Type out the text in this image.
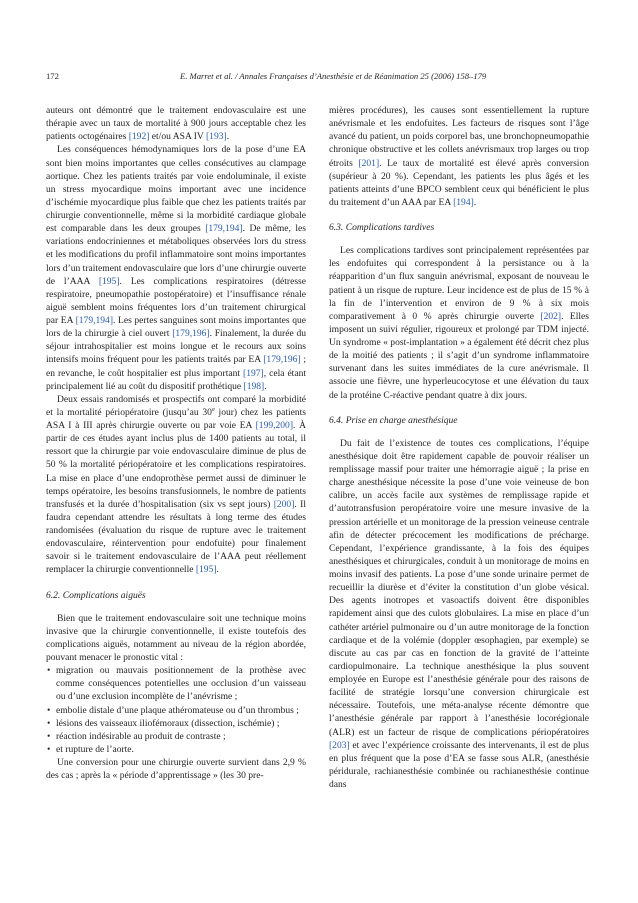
172	E. Marret et al. / Annales Françaises d’Anesthésie et de Réanimation 25 (2006) 158–179

auteurs ont démontré que le traitement endovasculaire est une thérapie avec un taux de mortalité à 900 jours acceptable chez les patients octogénaires [192] et/ou ASA IV [193].

Les conséquences hémodynamiques lors de la pose d’une EA sont bien moins importantes que celles consécutives au clampage aortique. Chez les patients traités par voie endoluminale, il existe un stress myocardique moins important avec une incidence d’ischémie myocardique plus faible que chez les patients traités par chirurgie conventionnelle, même si la morbidité cardiaque globale est comparable dans les deux groupes [179,194]. De même, les variations endocriniennes et métaboliques observées lors du stress et les modifications du profil inflammatoire sont moins importantes lors d’un traitement endovasculaire que lors d’une chirurgie ouverte de l’AAA [195]. Les complications respiratoires (détresse respiratoire, pneumopathie postopératoire) et l’insuffisance rénale aiguë semblent moins fréquentes lors d’un traitement chirurgical par EA [179,194]. Les pertes sanguines sont moins importantes que lors de la chirurgie à ciel ouvert [179,196]. Finalement, la durée du séjour intrahospitalier est moins longue et le recours aux soins intensifs moins fréquent pour les patients traités par EA [179,196] ; en revanche, le coût hospitalier est plus important [197], cela étant principalement lié au coût du dispositif prothétique [198].

Deux essais randomisés et prospectifs ont comparé la morbidité et la mortalité périopératoire (jusqu’au 30e jour) chez les patients ASA I à III après chirurgie ouverte ou par voie EA [199,200]. À partir de ces études ayant inclus plus de 1400 patients au total, il ressort que la chirurgie par voie endovasculaire diminue de plus de 50 % la mortalité périopératoire et les complications respiratoires. La mise en place d’une endoprothèse permet aussi de diminuer le temps opératoire, les besoins transfusionnels, le nombre de patients transfusés et la durée d’hospitalisation (six vs sept jours) [200]. Il faudra cependant attendre les résultats à long terme des études randomisées (évaluation du risque de rupture avec le traitement endovasculaire, réintervention pour endofuite) pour finalement savoir si le traitement endovasculaire de l’AAA peut réellement remplacer la chirurgie conventionnelle [195].

6.2. Complications aiguës

Bien que le traitement endovasculaire soit une technique moins invasive que la chirurgie conventionnelle, il existe toutefois des complications aiguës, notamment au niveau de la région abordée, pouvant menacer le pronostic vital :

• migration ou mauvais positionnement de la prothèse avec comme conséquences potentielles une occlusion d’un vaisseau ou d’une exclusion incomplète de l’anévrisme ;
• embolie distale d’une plaque athéromateuse ou d’un thrombus ;
• lésions des vaisseaux iliofémoraux (dissection, ischémie) ;
• réaction indésirable au produit de contraste ;
• et rupture de l’aorte.

Une conversion pour une chirurgie ouverte survient dans 2,9 % des cas ; après la « période d’apprentissage » (les 30 pre-

mières procédures), les causes sont essentiellement la rupture anévrismale et les endofuites. Les facteurs de risques sont l’âge avancé du patient, un poids corporel bas, une bronchopneumopathie chronique obstructive et les collets anévrismaux trop larges ou trop étroits [201]. Le taux de mortalité est élevé après conversion (supérieur à 20 %). Cependant, les patients les plus âgés et les patients atteints d’une BPCO semblent ceux qui bénéficient le plus du traitement d’un AAA par EA [194].

6.3. Complications tardives

Les complications tardives sont principalement représentées par les endofuites qui correspondent à la persistance ou à la réapparition d’un flux sanguin anévrismal, exposant de nouveau le patient à un risque de rupture. Leur incidence est de plus de 15 % à la fin de l’intervention et environ de 9 % à six mois comparativement à 0 % après chirurgie ouverte [202]. Elles imposent un suivi régulier, rigoureux et prolongé par TDM injecté. Un syndrome « post-implantation » a également été décrit chez plus de la moitié des patients ; il s’agit d’un syndrome inflammatoire survenant dans les suites immédiates de la cure anévrismale. Il associe une fièvre, une hyperleucocytose et une élévation du taux de la protéine C-réactive pendant quatre à dix jours.

6.4. Prise en charge anesthésique

Du fait de l’existence de toutes ces complications, l’équipe anesthésique doit être rapidement capable de pouvoir réaliser un remplissage massif pour traiter une hémorragie aiguë ; la prise en charge anesthésique nécessite la pose d’une voie veineuse de bon calibre, un accès facile aux systèmes de remplissage rapide et d’autotransfusion peropératoire voire une mesure invasive de la pression artérielle et un monitorage de la pression veineuse centrale afin de détecter précocement les modifications de précharge. Cependant, l’expérience grandissante, à la fois des équipes anesthésiques et chirurgicales, conduit à un monitorage de moins en moins invasif des patients. La pose d’une sonde urinaire permet de recueillir la diurèse et d’éviter la constitution d’un globe vésical. Des agents inotropes et vasoactifs doivent être disponibles rapidement ainsi que des culots globulaires. La mise en place d’un cathéter artériel pulmonaire ou d’un autre monitorage de la fonction cardiaque et de la volémie (doppler œsophagien, par exemple) se discute au cas par cas en fonction de la gravité de l’atteinte cardiopulmonaire. La technique anesthésique la plus souvent employée en Europe est l’anesthésie générale pour des raisons de facilité de stratégie lorsqu’une conversion chirurgicale est nécessaire. Toutefois, une méta-analyse récente démontre que l’anesthésie générale par rapport à l’anesthésie locorégionale (ALR) est un facteur de risque de complications périopératoires [203] et avec l’expérience croissante des intervenants, il est de plus en plus fréquent que la pose d’EA se fasse sous ALR, (anesthésie péridurale, rachianesthésie combinée ou rachianesthésie continue dans
